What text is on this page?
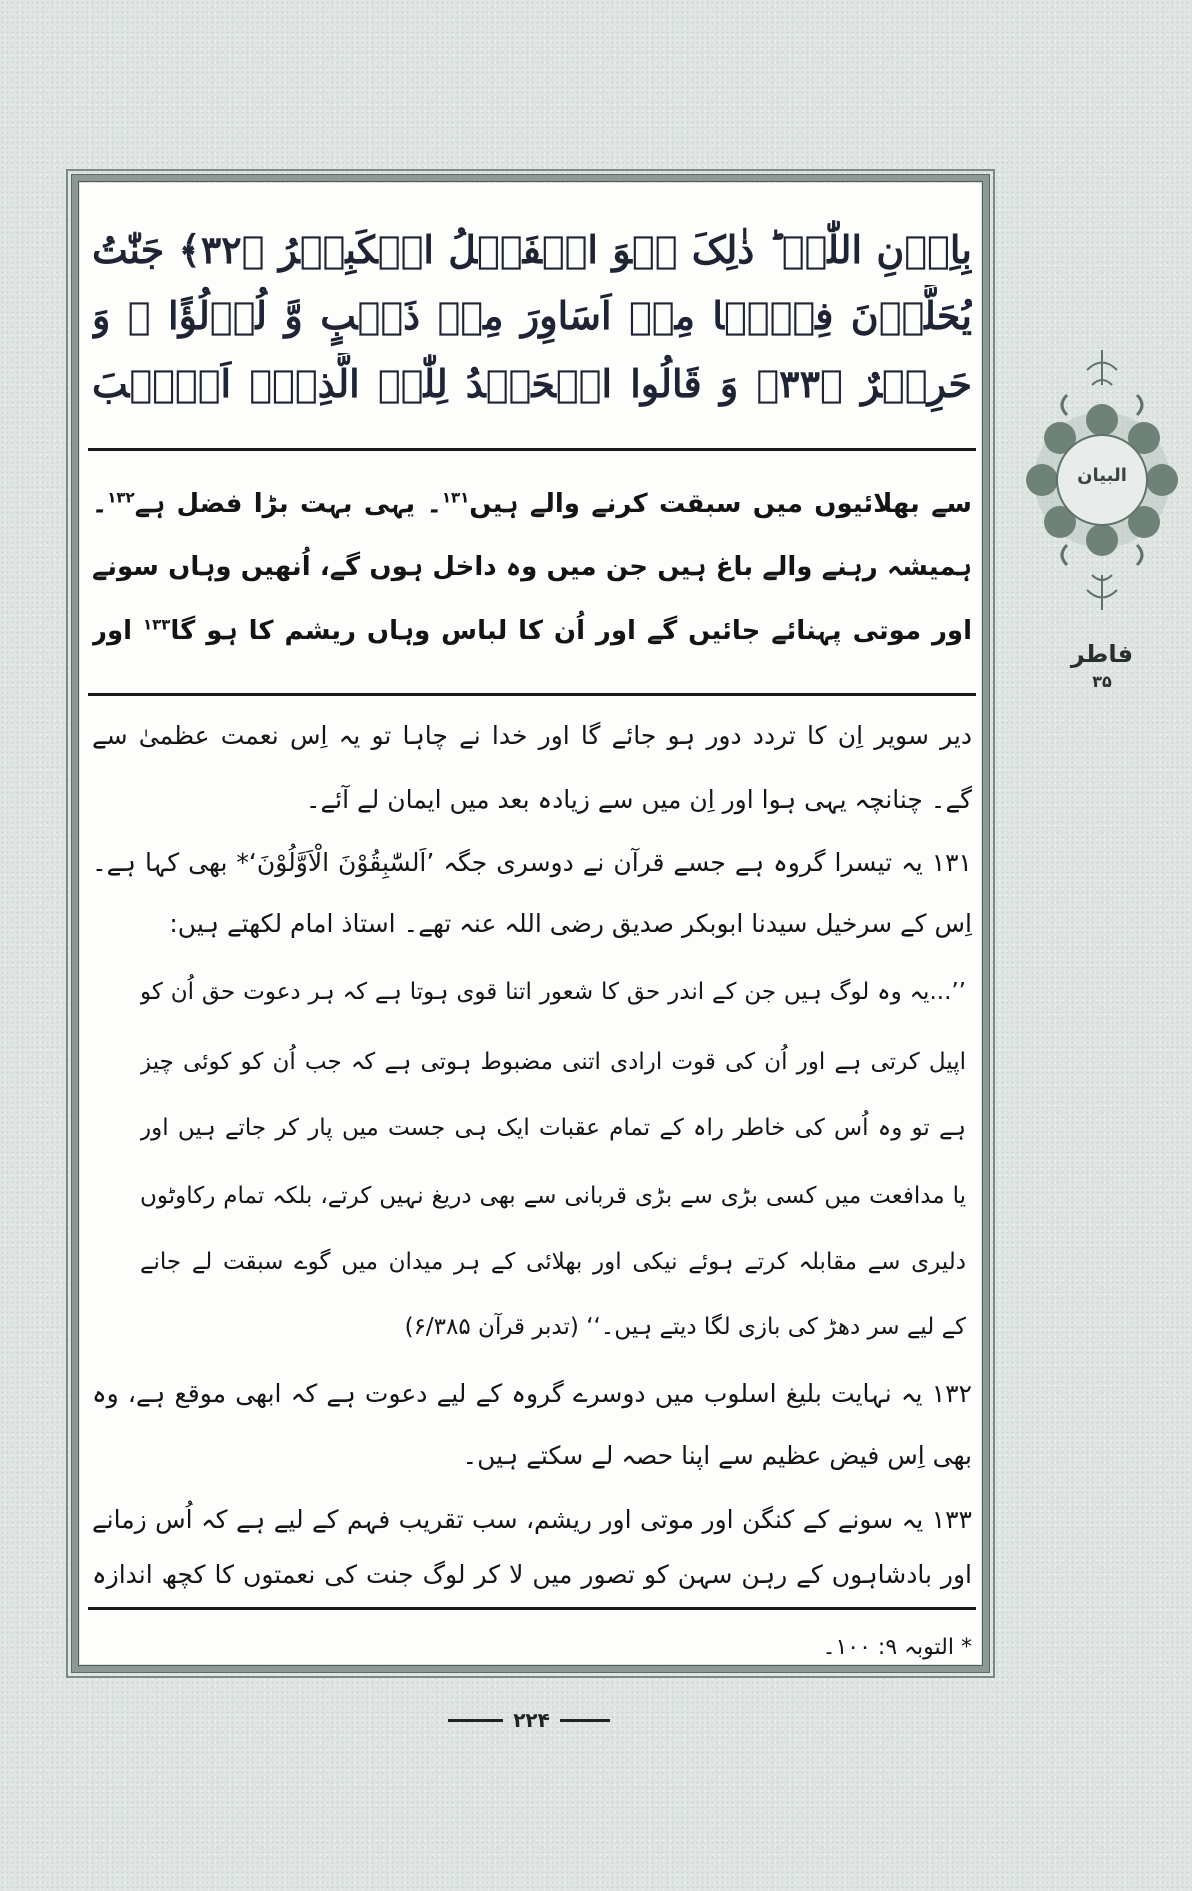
بِاِذۡنِ اللّٰہِ ؕ ذٰلِکَ ہُوَ الۡفَضۡلُ الۡکَبِیۡرُ ﴿۳۲﴾ جَنّٰتُ
یُحَلَّوۡنَ فِیۡہَا مِنۡ اَسَاوِرَ مِنۡ ذَہَبٍ وَّ لُؤۡلُؤًا ۚ وَ
حَرِیۡرٌ ﴿۳۳﴾ وَ قَالُوا الۡحَمۡدُ لِلّٰہِ الَّذِیۡۤ اَذۡہَبَ
سے بھلائیوں میں سبقت کرنے والے ہیں$^{۱۳۱}$۔ یہی بہت بڑا فضل ہے$^{۱۳۲}$۔
ہمیشہ رہنے والے باغ ہیں جن میں وہ داخل ہوں گے، اُنھیں وہاں سونے
اور موتی پہنائے جائیں گے اور اُن کا لباس وہاں ریشم کا ہو گا$^{۱۳۳}$ اور
دیر سویر اِن کا تردد دور ہو جائے گا اور خدا نے چاہا تو یہ اِس نعمت عظمیٰ سے
گے۔ چنانچہ یہی ہوا اور اِن میں سے زیادہ بعد میں ایمان لے آئے۔
۱۳۱ یہ تیسرا گروہ ہے جسے قرآن نے دوسری جگہ ’اَلسّٰبِقُوْنَ الْاَوَّلُوْنَ‘* بھی کہا ہے۔
اِس کے سرخیل سیدنا ابوبکر صدیق رضی اللہ عنہ تھے۔ استاذ امام لکھتے ہیں:
’’...یہ وہ لوگ ہیں جن کے اندر حق کا شعور اتنا قوی ہوتا ہے کہ ہر دعوت حق اُن کو
اپیل کرتی ہے اور اُن کی قوت ارادی اتنی مضبوط ہوتی ہے کہ جب اُن کو کوئی چیز
ہے تو وہ اُس کی خاطر راہ کے تمام عقبات ایک ہی جست میں پار کر جاتے ہیں اور
یا مدافعت میں کسی بڑی سے بڑی قربانی سے بھی دریغ نہیں کرتے، بلکہ تمام رکاوٹوں
دلیری سے مقابلہ کرتے ہوئے نیکی اور بھلائی کے ہر میدان میں گوے سبقت لے جانے
کے لیے سر دھڑ کی بازی لگا دیتے ہیں۔‘‘ (تدبر قرآن ۶/۳۸۵)
۱۳۲ یہ نہایت بلیغ اسلوب میں دوسرے گروہ کے لیے دعوت ہے کہ ابھی موقع ہے، وہ
بھی اِس فیض عظیم سے اپنا حصہ لے سکتے ہیں۔
۱۳۳ یہ سونے کے کنگن اور موتی اور ریشم، سب تقریب فہم کے لیے ہے کہ اُس زمانے
اور بادشاہوں کے رہن سہن کو تصور میں لا کر لوگ جنت کی نعمتوں کا کچھ اندازہ
* التوبہ ۹: ۱۰۰۔
۲۲۴
البیان
فاطر
۳۵
